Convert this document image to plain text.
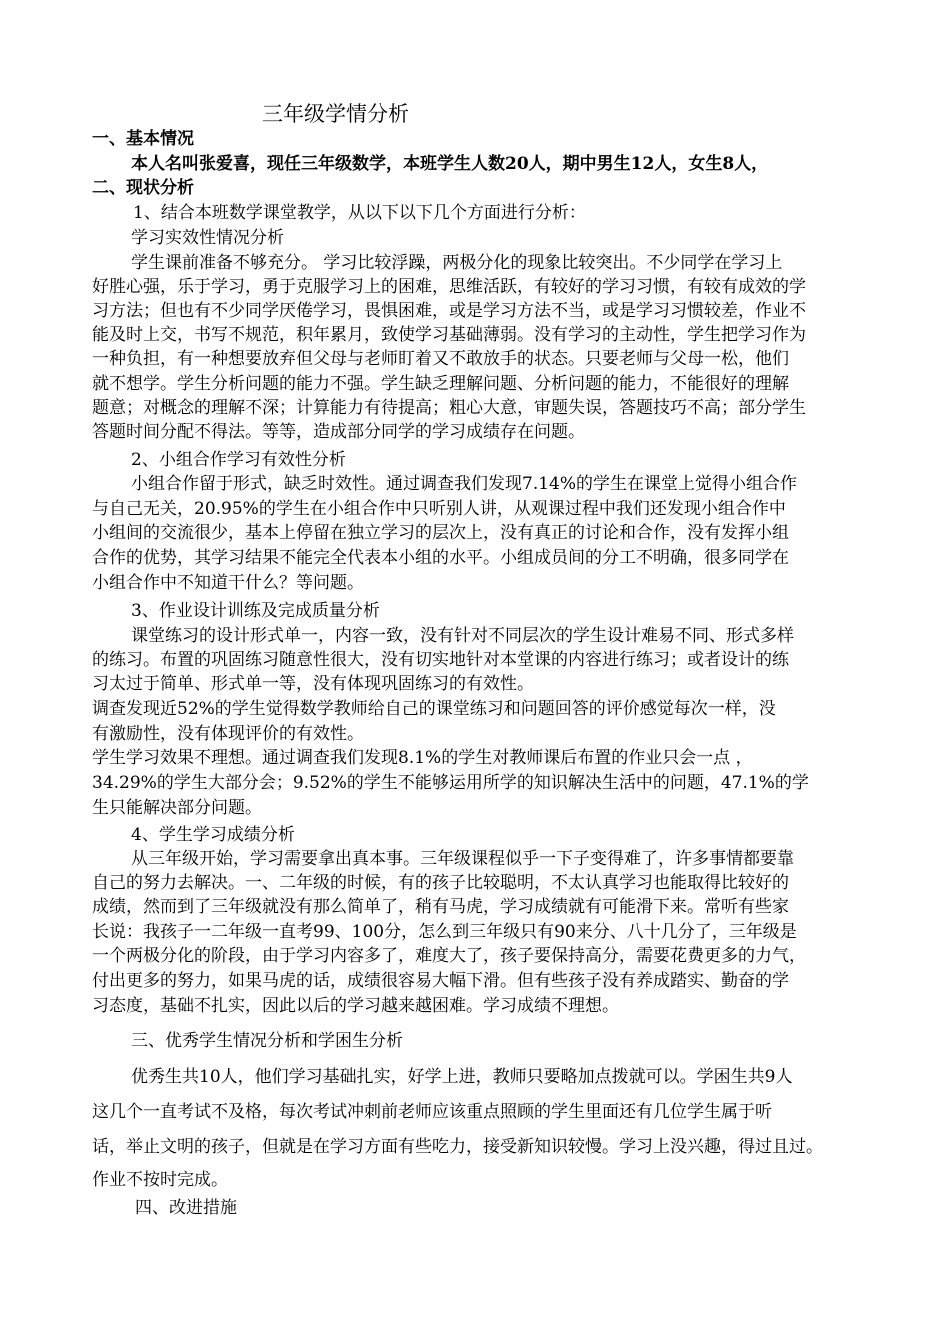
三年级学情分析
一、基本情况
本人名叫张爱喜，现任三年级数学，本班学生人数20人，期中男生12人，女生8人，
二、现状分析
1、结合本班数学课堂教学，从以下以下几个方面进行分析：
学习实效性情况分析
学生课前准备不够充分。 学习比较浮躁，两极分化的现象比较突出。不少同学在学习上
好胜心强，乐于学习，勇于克服学习上的困难，思维活跃，有较好的学习习惯，有较有成效的学
习方法；但也有不少同学厌倦学习，畏惧困难，或是学习方法不当，或是学习习惯较差，作业不
能及时上交，书写不规范，积年累月，致使学习基础薄弱。没有学习的主动性，学生把学习作为
一种负担，有一种想要放弃但父母与老师盯着又不敢放手的状态。只要老师与父母一松，他们
就不想学。学生分析问题的能力不强。学生缺乏理解问题、分析问题的能力，不能很好的理解
题意；对概念的理解不深；计算能力有待提高；粗心大意，审题失误，答题技巧不高；部分学生
答题时间分配不得法。等等，造成部分同学的学习成绩存在问题。
2、小组合作学习有效性分析
小组合作留于形式，缺乏时效性。通过调查我们发现7.14%的学生在课堂上觉得小组合作
与自己无关，20.95%的学生在小组合作中只听别人讲，从观课过程中我们还发现小组合作中
小组间的交流很少，基本上停留在独立学习的层次上，没有真正的讨论和合作，没有发挥小组
合作的优势，其学习结果不能完全代表本小组的水平。小组成员间的分工不明确，很多同学在
小组合作中不知道干什么？等问题。
3、作业设计训练及完成质量分析
课堂练习的设计形式单一，内容一致，没有针对不同层次的学生设计难易不同、形式多样
的练习。布置的巩固练习随意性很大，没有切实地针对本堂课的内容进行练习；或者设计的练
习太过于简单、形式单一等，没有体现巩固练习的有效性。
调查发现近52%的学生觉得数学教师给自己的课堂练习和问题回答的评价感觉每次一样，没
有激励性，没有体现评价的有效性。
学生学习效果不理想。通过调查我们发现8.1%的学生对教师课后布置的作业只会一点 ，
34.29%的学生大部分会；9.52%的学生不能够运用所学的知识解决生活中的问题，47.1%的学
生只能解决部分问题。
4、学生学习成绩分析
从三年级开始，学习需要拿出真本事。三年级课程似乎一下子变得难了，许多事情都要靠
自己的努力去解决。一、二年级的时候，有的孩子比较聪明，不太认真学习也能取得比较好的
成绩，然而到了三年级就没有那么简单了，稍有马虎，学习成绩就有可能滑下来。常听有些家
长说：我孩子一二年级一直考99、100分，怎么到三年级只有90来分、八十几分了，三年级是
一个两极分化的阶段，由于学习内容多了，难度大了，孩子要保持高分，需要花费更多的力气，
付出更多的努力，如果马虎的话，成绩很容易大幅下滑。但有些孩子没有养成踏实、勤奋的学
习态度，基础不扎实，因此以后的学习越来越困难。学习成绩不理想。
三、优秀学生情况分析和学困生分析
优秀生共10人，他们学习基础扎实，好学上进，教师只要略加点拨就可以。学困生共9人
这几个一直考试不及格，每次考试冲刺前老师应该重点照顾的学生里面还有几位学生属于听
话，举止文明的孩子，但就是在学习方面有些吃力，接受新知识较慢。学习上没兴趣，得过且过。
作业不按时完成。
四、改进措施
